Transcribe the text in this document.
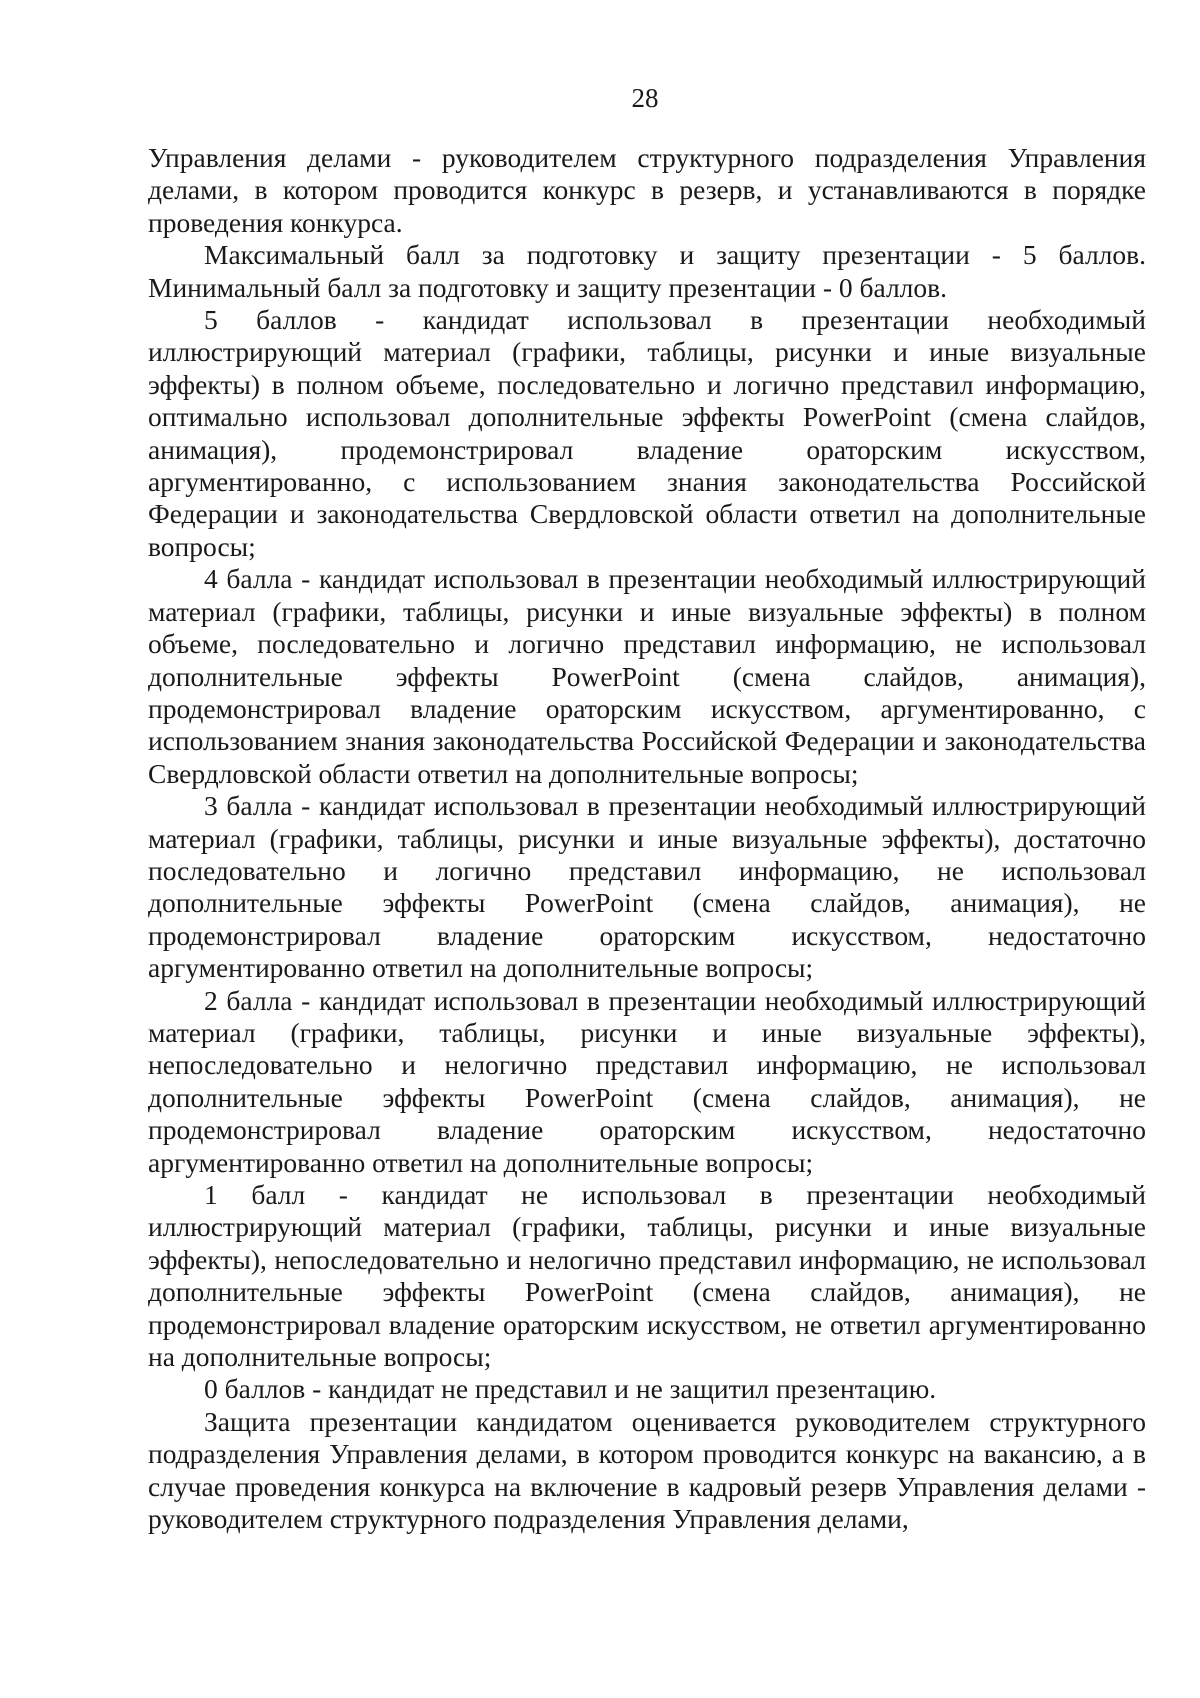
28

Управления делами - руководителем структурного подразделения Управления делами, в котором проводится конкурс в резерв, и устанавливаются в порядке проведения конкурса.

Максимальный балл за подготовку и защиту презентации - 5 баллов. Минимальный балл за подготовку и защиту презентации - 0 баллов.

5 баллов - кандидат использовал в презентации необходимый иллюстрирующий материал (графики, таблицы, рисунки и иные визуальные эффекты) в полном объеме, последовательно и логично представил информацию, оптимально использовал дополнительные эффекты PowerPoint (смена слайдов, анимация), продемонстрировал владение ораторским искусством, аргументированно, с использованием знания законодательства Российской Федерации и законодательства Свердловской области ответил на дополнительные вопросы;

4 балла - кандидат использовал в презентации необходимый иллюстрирующий материал (графики, таблицы, рисунки и иные визуальные эффекты) в полном объеме, последовательно и логично представил информацию, не использовал дополнительные эффекты PowerPoint (смена слайдов, анимация), продемонстрировал владение ораторским искусством, аргументированно, с использованием знания законодательства Российской Федерации и законодательства Свердловской области ответил на дополнительные вопросы;

3 балла - кандидат использовал в презентации необходимый иллюстрирующий материал (графики, таблицы, рисунки и иные визуальные эффекты), достаточно последовательно и логично представил информацию, не использовал дополнительные эффекты PowerPoint (смена слайдов, анимация), не продемонстрировал владение ораторским искусством, недостаточно аргументированно ответил на дополнительные вопросы;

2 балла - кандидат использовал в презентации необходимый иллюстрирующий материал (графики, таблицы, рисунки и иные визуальные эффекты), непоследовательно и нелогично представил информацию, не использовал дополнительные эффекты PowerPoint (смена слайдов, анимация), не продемонстрировал владение ораторским искусством, недостаточно аргументированно ответил на дополнительные вопросы;

1 балл - кандидат не использовал в презентации необходимый иллюстрирующий материал (графики, таблицы, рисунки и иные визуальные эффекты), непоследовательно и нелогично представил информацию, не использовал дополнительные эффекты PowerPoint (смена слайдов, анимация), не продемонстрировал владение ораторским искусством, не ответил аргументированно на дополнительные вопросы;

0 баллов - кандидат не представил и не защитил презентацию.

Защита презентации кандидатом оценивается руководителем структурного подразделения Управления делами, в котором проводится конкурс на вакансию, а в случае проведения конкурса на включение в кадровый резерв Управления делами - руководителем структурного подразделения Управления делами,
